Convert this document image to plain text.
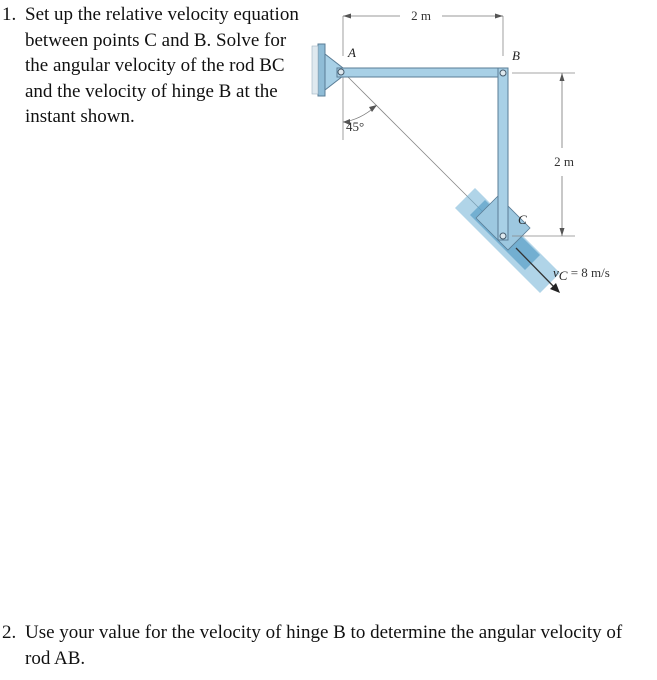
1. Set up the relative velocity equation between points C and B. Solve for the angular velocity of the rod BC and the velocity of hinge B at the instant shown.
2 m
45°
A	B
C
2 m
vC = 8 m/s
2. Use your value for the velocity of hinge B to determine the angular velocity of rod AB.
